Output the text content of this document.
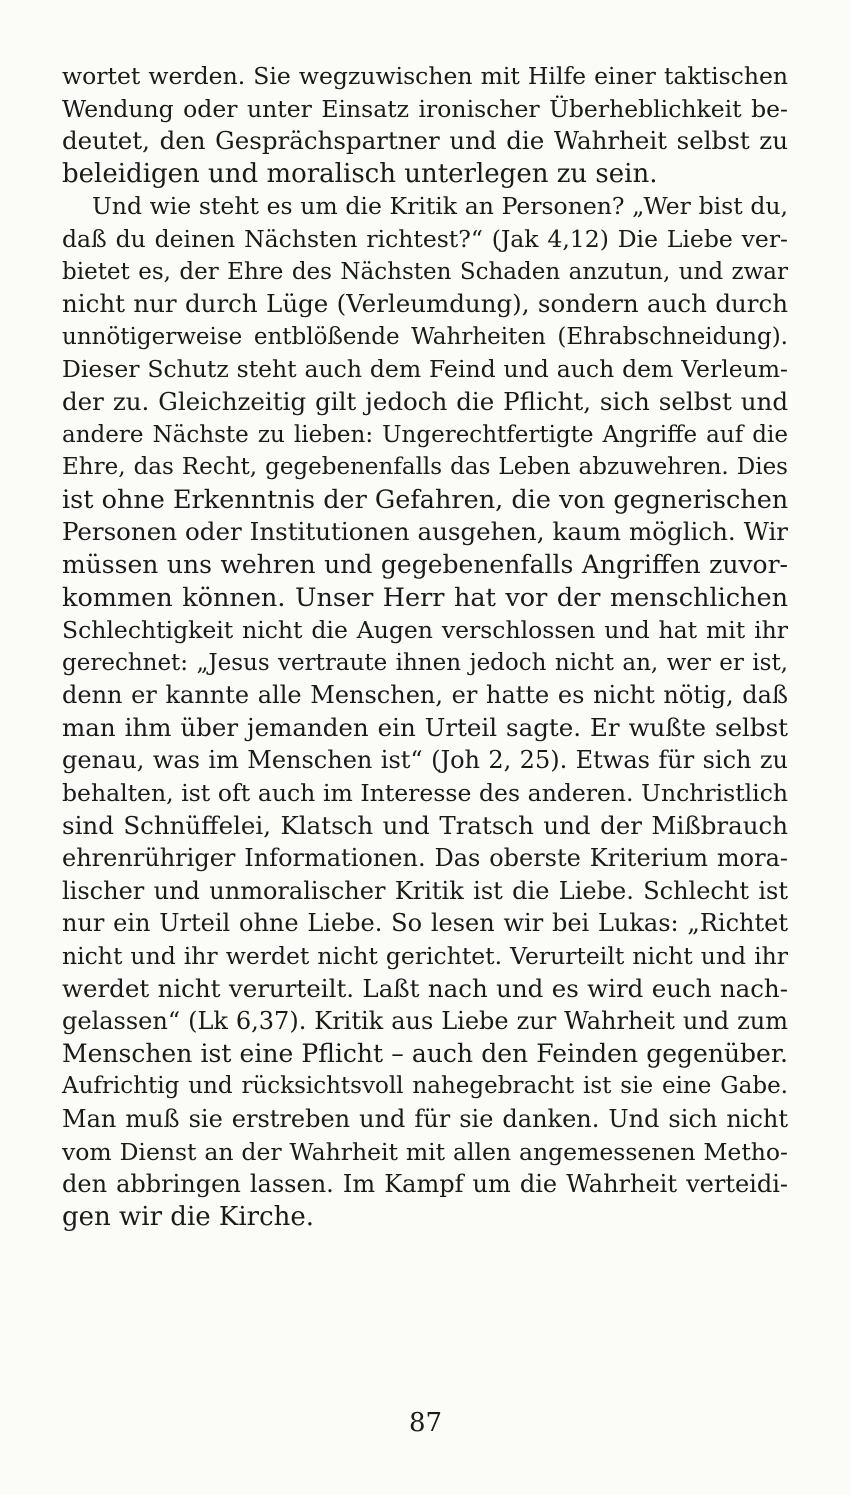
wortet werden. Sie wegzuwischen mit Hilfe einer taktischen
Wendung oder unter Einsatz ironischer Überheblichkeit be-
deutet, den Gesprächspartner und die Wahrheit selbst zu
beleidigen und moralisch unterlegen zu sein.
Und wie steht es um die Kritik an Personen? „Wer bist du,
daß du deinen Nächsten richtest?“ (Jak 4,12) Die Liebe ver-
bietet es, der Ehre des Nächsten Schaden anzutun, und zwar
nicht nur durch Lüge (Verleumdung), sondern auch durch
unnötigerweise entblößende Wahrheiten (Ehrabschneidung).
Dieser Schutz steht auch dem Feind und auch dem Verleum-
der zu. Gleichzeitig gilt jedoch die Pflicht, sich selbst und
andere Nächste zu lieben: Ungerechtfertigte Angriffe auf die
Ehre, das Recht, gegebenenfalls das Leben abzuwehren. Dies
ist ohne Erkenntnis der Gefahren, die von gegnerischen
Personen oder Institutionen ausgehen, kaum möglich. Wir
müssen uns wehren und gegebenenfalls Angriffen zuvor-
kommen können. Unser Herr hat vor der menschlichen
Schlechtigkeit nicht die Augen verschlossen und hat mit ihr
gerechnet: „Jesus vertraute ihnen jedoch nicht an, wer er ist,
denn er kannte alle Menschen, er hatte es nicht nötig, daß
man ihm über jemanden ein Urteil sagte. Er wußte selbst
genau, was im Menschen ist“ (Joh 2, 25). Etwas für sich zu
behalten, ist oft auch im Interesse des anderen. Unchristlich
sind Schnüffelei, Klatsch und Tratsch und der Mißbrauch
ehrenrühriger Informationen. Das oberste Kriterium mora-
lischer und unmoralischer Kritik ist die Liebe. Schlecht ist
nur ein Urteil ohne Liebe. So lesen wir bei Lukas: „Richtet
nicht und ihr werdet nicht gerichtet. Verurteilt nicht und ihr
werdet nicht verurteilt. Laßt nach und es wird euch nach-
gelassen“ (Lk 6,37). Kritik aus Liebe zur Wahrheit und zum
Menschen ist eine Pflicht – auch den Feinden gegenüber.
Aufrichtig und rücksichtsvoll nahegebracht ist sie eine Gabe.
Man muß sie erstreben und für sie danken. Und sich nicht
vom Dienst an der Wahrheit mit allen angemessenen Metho-
den abbringen lassen. Im Kampf um die Wahrheit verteidi-
gen wir die Kirche.
87
